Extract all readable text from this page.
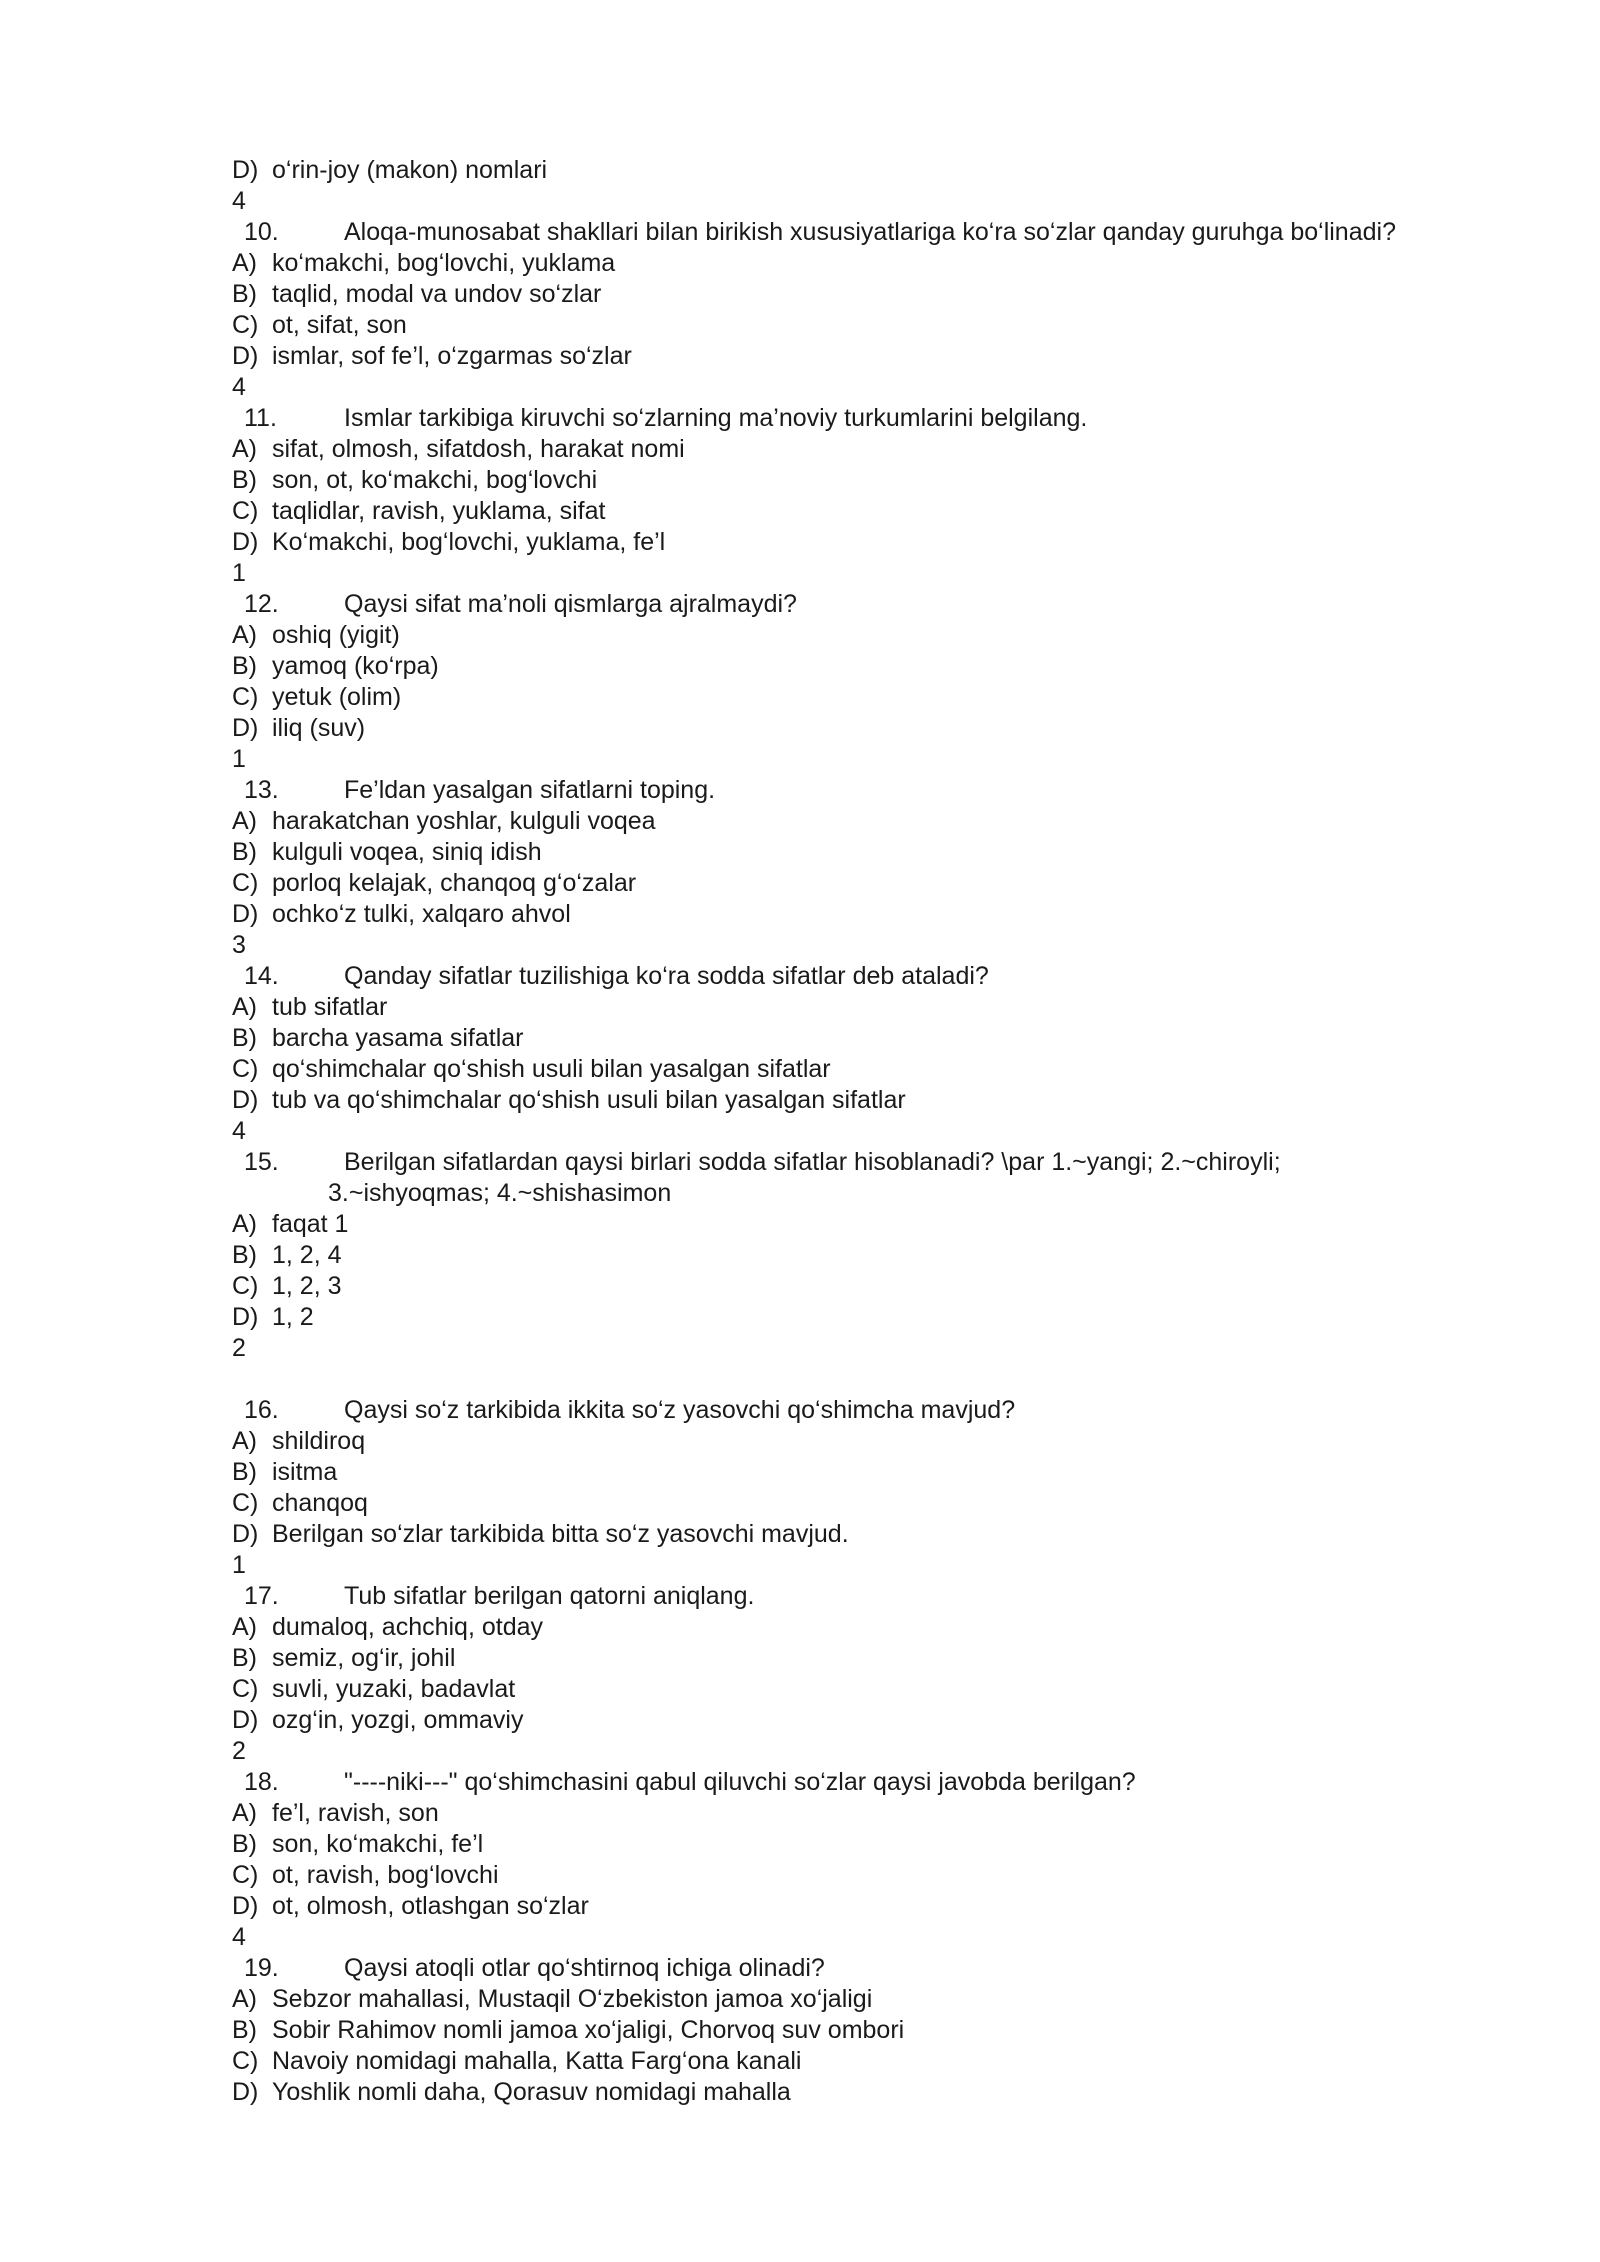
D) o‘rin-joy (makon) nomlari
4
10.	Aloqa-munosabat shakllari bilan birikish xususiyatlariga ko‘ra so‘zlar qanday guruhga bo‘linadi?
A) ko‘makchi, bog‘lovchi, yuklama
B) taqlid, modal va undov so‘zlar
C) ot, sifat, son
D) ismlar, sof fe’l, o‘zgarmas so‘zlar
4
11.	Ismlar tarkibiga kiruvchi so‘zlarning ma’noviy turkumlarini belgilang.
A) sifat, olmosh, sifatdosh, harakat nomi
B) son, ot, ko‘makchi, bog‘lovchi
C) taqlidlar, ravish, yuklama, sifat
D) Ko‘makchi, bog‘lovchi, yuklama, fe’l
1
12.	Qaysi sifat ma’noli qismlarga ajralmaydi?
A) oshiq (yigit)
B) yamoq (ko‘rpa)
C) yetuk (olim)
D) iliq (suv)
1
13.	Fe’ldan yasalgan sifatlarni toping.
A) harakatchan yoshlar, kulguli voqea
B) kulguli voqea, siniq idish
C) porloq kelajak, chanqoq g‘o‘zalar
D) ochko‘z tulki, xalqaro ahvol
3
14.	Qanday sifatlar tuzilishiga ko‘ra sodda sifatlar deb ataladi?
A) tub sifatlar
B) barcha yasama sifatlar
C) qo‘shimchalar qo‘shish usuli bilan yasalgan sifatlar
D) tub va qo‘shimchalar qo‘shish usuli bilan yasalgan sifatlar
4
15.	Berilgan sifatlardan qaysi birlari sodda sifatlar hisoblanadi? \par 1.~yangi; 2.~chiroyli;
3.~ishyoqmas; 4.~shishasimon
A) faqat 1
B) 1, 2, 4
C) 1, 2, 3
D) 1, 2
2
16.	Qaysi so‘z tarkibida ikkita so‘z yasovchi qo‘shimcha mavjud?
A) shildiroq
B) isitma
C) chanqoq
D) Berilgan so‘zlar tarkibida bitta so‘z yasovchi mavjud.
1
17.	Tub sifatlar berilgan qatorni aniqlang.
A) dumaloq, achchiq, otday
B) semiz, og‘ir, johil
C) suvli, yuzaki, badavlat
D) ozg‘in, yozgi, ommaviy
2
18.	"----niki---" qo‘shimchasini qabul qiluvchi so‘zlar qaysi javobda berilgan?
A) fe’l, ravish, son
B) son, ko‘makchi, fe’l
C) ot, ravish, bog‘lovchi
D) ot, olmosh, otlashgan so‘zlar
4
19.	Qaysi atoqli otlar qo‘shtirnoq ichiga olinadi?
A) Sebzor mahallasi, Mustaqil O‘zbekiston jamoa xo‘jaligi
B) Sobir Rahimov nomli jamoa xo‘jaligi, Chorvoq suv ombori
C) Navoiy nomidagi mahalla, Katta Farg‘ona kanali
D) Yoshlik nomli daha, Qorasuv nomidagi mahalla
